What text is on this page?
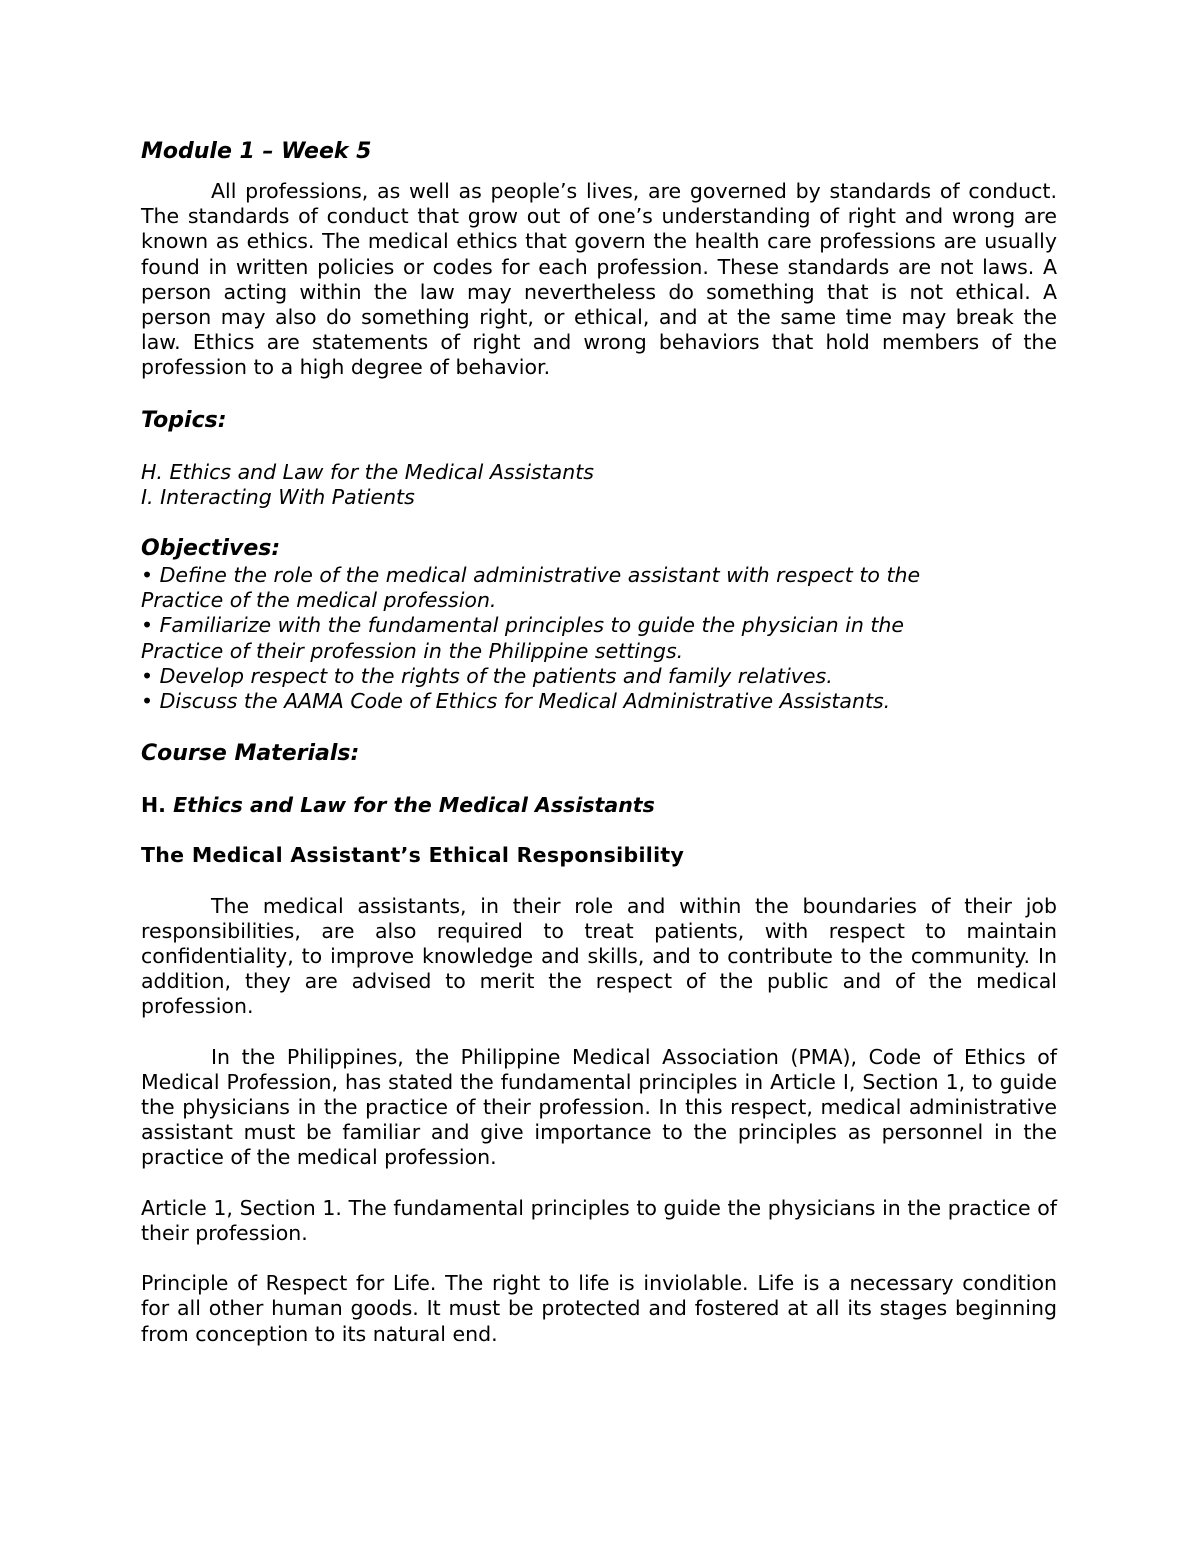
Module 1 – Week 5

All professions, as well as people’s lives, are governed by standards of conduct. The standards of conduct that grow out of one’s understanding of right and wrong are known as ethics. The medical ethics that govern the health care professions are usually found in written policies or codes for each profession. These standards are not laws. A person acting within the law may nevertheless do something that is not ethical. A person may also do something right, or ethical, and at the same time may break the law. Ethics are statements of right and wrong behaviors that hold members of the profession to a high degree of behavior.

Topics:

H. Ethics and Law for the Medical Assistants

I. Interacting With Patients

Objectives:

• Define the role of the medical administrative assistant with respect to the Practice of the medical profession.

• Familiarize with the fundamental principles to guide the physician in the Practice of their profession in the Philippine settings.

• Develop respect to the rights of the patients and family relatives.

• Discuss the AAMA Code of Ethics for Medical Administrative Assistants.

Course Materials:

H. Ethics and Law for the Medical Assistants

The Medical Assistant’s Ethical Responsibility

The medical assistants, in their role and within the boundaries of their job responsibilities, are also required to treat patients, with respect to maintain confidentiality, to improve knowledge and skills, and to contribute to the community. In addition, they are advised to merit the respect of the public and of the medical profession.

In the Philippines, the Philippine Medical Association (PMA), Code of Ethics of Medical Profession, has stated the fundamental principles in Article I, Section 1, to guide the physicians in the practice of their profession. In this respect, medical administrative assistant must be familiar and give importance to the principles as personnel in the practice of the medical profession.

Article 1, Section 1. The fundamental principles to guide the physicians in the practice of their profession.

Principle of Respect for Life. The right to life is inviolable. Life is a necessary condition for all other human goods. It must be protected and fostered at all its stages beginning from conception to its natural end.
